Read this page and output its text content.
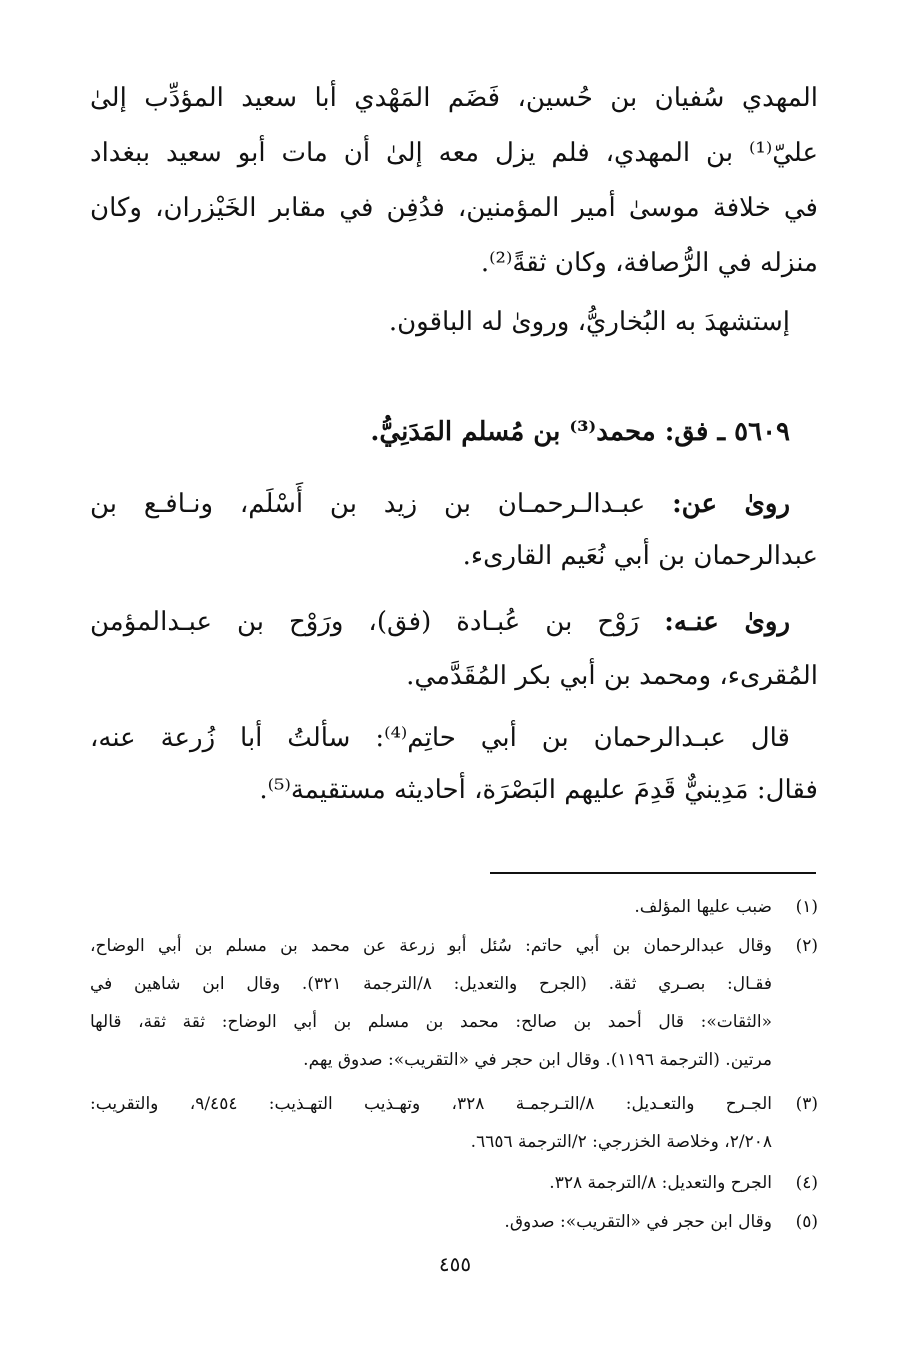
المهدي سُفيان بن حُسين، فَضَم المَهْدي أبا سعيد المؤدِّب إلىٰ
عليّ⁽¹⁾ بن المهدي، فلم يزل معه إلىٰ أن مات أبو سعيد ببغداد
في خلافة موسىٰ أمير المؤمنين، فدُفِن في مقابر الخَيْزران، وكان
منزله في الرُّصافة، وكان ثقةً⁽²⁾.
إستشهدَ به البُخاريُّ، ورویٰ له الباقون.
٥٦٠٩ ـ فق: محمد⁽³⁾ بن مُسلم المَدَنِيُّ.
رویٰ عن: عبـدالـرحمـان بن زيد بن أَسْلَم، ونـافـع بن
عبدالرحمان بن أبي نُعَيم القارىء.
رویٰ عنـه: رَوْح بن عُبـادة (فق)، ورَوْح بن عبـدالمؤمن
المُقرىء، ومحمد بن أبي بكر المُقَدَّمي.
قال عبـدالرحمان بن أبي حاتِم⁽⁴⁾: سألتُ أبا زُرعة عنه،
فقال: مَدِينيٌّ قَدِمَ عليهم البَصْرَة، أحاديثه مستقيمة⁽⁵⁾.
(١)
ضبب عليها المؤلف.
(٢)
وقال عبدالرحمان بن أبي حاتم: سُئل أبو زرعة عن محمد بن مسلم بن أبي الوضاح،
فقـال: بصـري ثقة. (الجرح والتعديل: ٨/الترجمة ٣٢١). وقال ابن شاهين في
«الثقات»: قال أحمد بن صالح: محمد بن مسلم بن أبي الوضاح: ثقة ثقة، قالها
مرتين. (الترجمة ١١٩٦). وقال ابن حجر في «التقريب»: صدوق يهم.
(٣)
الجـرح والتعـديل: ٨/التـرجمـة ٣٢٨، وتهـذيب التهـذيب: ٩/٤٥٤، والتقريب:
٢/٢٠٨، وخلاصة الخزرجي: ٢/الترجمة ٦٦٥٦.
(٤)
الجرح والتعديل: ٨/الترجمة ٣٢٨.
(٥)
وقال ابن حجر في «التقريب»: صدوق.
٤٥٥
